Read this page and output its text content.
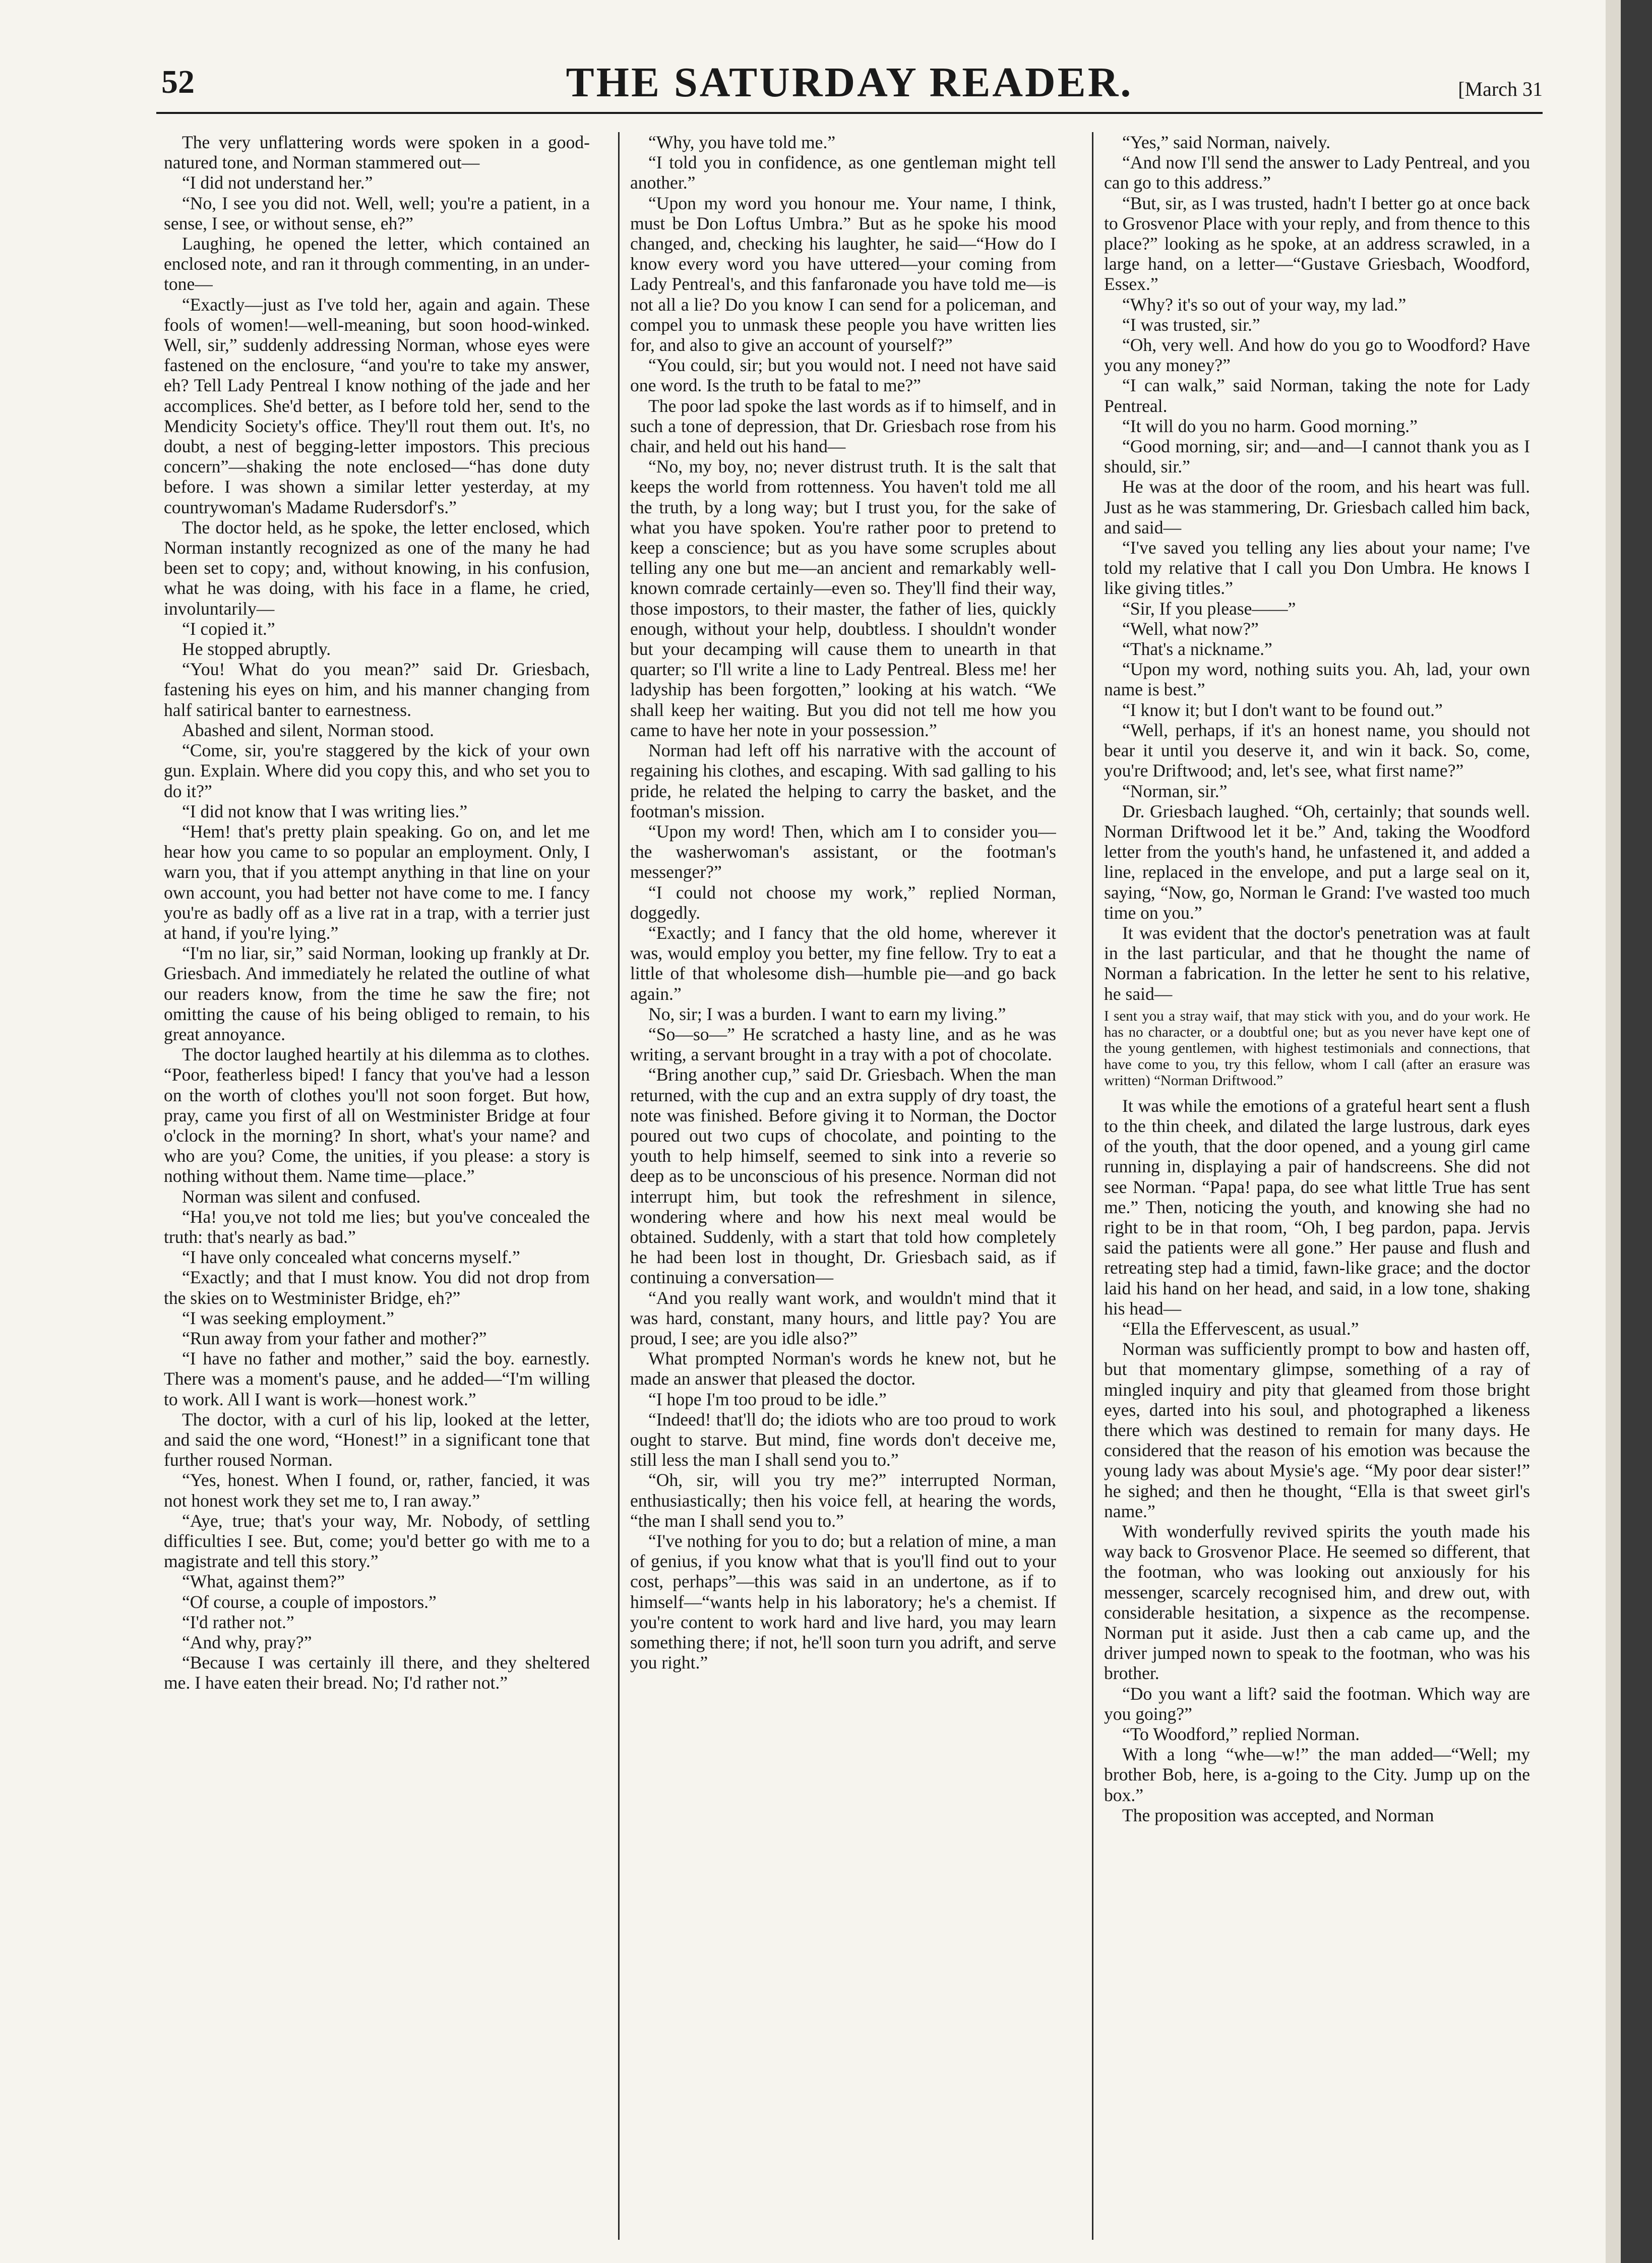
52	THE SATURDAY READER.	[March 31

The very unflattering words were spoken in a good-natured tone, and Norman stammered out—

“I did not understand her.”

“No, I see you did not. Well, well; you're a patient, in a sense, I see, or without sense, eh?”

Laughing, he opened the letter, which contained an enclosed note, and ran it through commenting, in an under-tone—

“Exactly—just as I've told her, again and again. These fools of women!—well-meaning, but soon hood-winked. Well, sir,” suddenly addressing Norman, whose eyes were fastened on the enclosure, “and you're to take my answer, eh? Tell Lady Pentreal I know nothing of the jade and her accomplices. She'd better, as I before told her, send to the Mendicity Society's office. They'll rout them out. It's, no doubt, a nest of begging-letter impostors. This precious concern”—shaking the note enclosed—“has done duty before. I was shown a similar letter yesterday, at my countrywoman's Madame Rudersdorf's.”

The doctor held, as he spoke, the letter enclosed, which Norman instantly recognized as one of the many he had been set to copy; and, without knowing, in his confusion, what he was doing, with his face in a flame, he cried, involuntarily—

“I copied it.”

He stopped abruptly.

“You! What do you mean?” said Dr. Griesbach, fastening his eyes on him, and his manner changing from half satirical banter to earnestness.

Abashed and silent, Norman stood.

“Come, sir, you're staggered by the kick of your own gun. Explain. Where did you copy this, and who set you to do it?”

“I did not know that I was writing lies.”

“Hem! that's pretty plain speaking. Go on, and let me hear how you came to so popular an employment. Only, I warn you, that if you attempt anything in that line on your own account, you had better not have come to me. I fancy you're as badly off as a live rat in a trap, with a terrier just at hand, if you're lying.”

“I'm no liar, sir,” said Norman, looking up frankly at Dr. Griesbach. And immediately he related the outline of what our readers know, from the time he saw the fire; not omitting the cause of his being obliged to remain, to his great annoyance.

The doctor laughed heartily at his dilemma as to clothes. “Poor, featherless biped! I fancy that you've had a lesson on the worth of clothes you'll not soon forget. But how, pray, came you first of all on Westminister Bridge at four o'clock in the morning? In short, what's your name? and who are you? Come, the unities, if you please: a story is nothing without them. Name time—place.”

Norman was silent and confused.

“Ha! you,ve not told me lies; but you've concealed the truth: that's nearly as bad.”

“I have only concealed what concerns myself.”

“Exactly; and that I must know. You did not drop from the skies on to Westminister Bridge, eh?”

“I was seeking employment.”

“Run away from your father and mother?”

“I have no father and mother,” said the boy. earnestly. There was a moment's pause, and he added—“I'm willing to work. All I want is work—honest work.”

The doctor, with a curl of his lip, looked at the letter, and said the one word, “Honest!” in a significant tone that further roused Norman.

“Yes, honest. When I found, or, rather, fancied, it was not honest work they set me to, I ran away.”

“Aye, true; that's your way, Mr. Nobody, of settling difficulties I see. But, come; you'd better go with me to a magistrate and tell this story.”

“What, against them?”

“Of course, a couple of impostors.”

“I'd rather not.”

“And why, pray?”

“Because I was certainly ill there, and they sheltered me. I have eaten their bread. No; I'd rather not.”

“Why, you have told me.”

“I told you in confidence, as one gentleman might tell another.”

“Upon my word you honour me. Your name, I think, must be Don Loftus Umbra.” But as he spoke his mood changed, and, checking his laughter, he said—“How do I know every word you have uttered—your coming from Lady Pentreal's, and this fanfaronade you have told me—is not all a lie? Do you know I can send for a policeman, and compel you to unmask these people you have written lies for, and also to give an account of yourself?”

“You could, sir; but you would not. I need not have said one word. Is the truth to be fatal to me?”

The poor lad spoke the last words as if to himself, and in such a tone of depression, that Dr. Griesbach rose from his chair, and held out his hand—

“No, my boy, no; never distrust truth. It is the salt that keeps the world from rottenness. You haven't told me all the truth, by a long way; but I trust you, for the sake of what you have spoken. You're rather poor to pretend to keep a conscience; but as you have some scruples about telling any one but me—an ancient and remarkably well-known comrade certainly—even so. They'll find their way, those impostors, to their master, the father of lies, quickly enough, without your help, doubtless. I shouldn't wonder but your decamping will cause them to unearth in that quarter; so I'll write a line to Lady Pentreal. Bless me! her ladyship has been forgotten,” looking at his watch. “We shall keep her waiting. But you did not tell me how you came to have her note in your possession.”

Norman had left off his narrative with the account of regaining his clothes, and escaping. With sad galling to his pride, he related the helping to carry the basket, and the footman's mission.

“Upon my word! Then, which am I to consider you—the washerwoman's assistant, or the footman's messenger?”

“I could not choose my work,” replied Norman, doggedly.

“Exactly; and I fancy that the old home, wherever it was, would employ you better, my fine fellow. Try to eat a little of that wholesome dish—humble pie—and go back again.”

No, sir; I was a burden. I want to earn my living.”

“So—so—” He scratched a hasty line, and as he was writing, a servant brought in a tray with a pot of chocolate.

“Bring another cup,” said Dr. Griesbach. When the man returned, with the cup and an extra supply of dry toast, the note was finished. Before giving it to Norman, the Doctor poured out two cups of chocolate, and pointing to the youth to help himself, seemed to sink into a reverie so deep as to be unconscious of his presence. Norman did not interrupt him, but took the refreshment in silence, wondering where and how his next meal would be obtained. Suddenly, with a start that told how completely he had been lost in thought, Dr. Griesbach said, as if continuing a conversation—

“And you really want work, and wouldn't mind that it was hard, constant, many hours, and little pay? You are proud, I see; are you idle also?”

What prompted Norman's words he knew not, but he made an answer that pleased the doctor.

“I hope I'm too proud to be idle.”

“Indeed! that'll do; the idiots who are too proud to work ought to starve. But mind, fine words don't deceive me, still less the man I shall send you to.”

“Oh, sir, will you try me?” interrupted Norman, enthusiastically; then his voice fell, at hearing the words, “the man I shall send you to.”

“I've nothing for you to do; but a relation of mine, a man of genius, if you know what that is you'll find out to your cost, perhaps”—this was said in an undertone, as if to himself—“wants help in his laboratory; he's a chemist. If you're content to work hard and live hard, you may learn something there; if not, he'll soon turn you adrift, and serve you right.”

“Yes,” said Norman, naively.

“And now I'll send the answer to Lady Pentreal, and you can go to this address.”

“But, sir, as I was trusted, hadn't I better go at once back to Grosvenor Place with your reply, and from thence to this place?” looking as he spoke, at an address scrawled, in a large hand, on a letter—“Gustave Griesbach, Woodford, Essex.”

“Why? it's so out of your way, my lad.”

“I was trusted, sir.”

“Oh, very well. And how do you go to Woodford? Have you any money?”

“I can walk,” said Norman, taking the note for Lady Pentreal.

“It will do you no harm. Good morning.”

“Good morning, sir; and—and—I cannot thank you as I should, sir.”

He was at the door of the room, and his heart was full. Just as he was stammering, Dr. Griesbach called him back, and said—

“I've saved you telling any lies about your name; I've told my relative that I call you Don Umbra. He knows I like giving titles.”

“Sir, If you please——”

“Well, what now?”

“That's a nickname.”

“Upon my word, nothing suits you. Ah, lad, your own name is best.”

“I know it; but I don't want to be found out.”

“Well, perhaps, if it's an honest name, you should not bear it until you deserve it, and win it back. So, come, you're Driftwood; and, let's see, what first name?”

“Norman, sir.”

Dr. Griesbach laughed. “Oh, certainly; that sounds well. Norman Driftwood let it be.” And, taking the Woodford letter from the youth's hand, he unfastened it, and added a line, replaced in the envelope, and put a large seal on it, saying, “Now, go, Norman le Grand: I've wasted too much time on you.”

It was evident that the doctor's penetration was at fault in the last particular, and that he thought the name of Norman a fabrication. In the letter he sent to his relative, he said—

I sent you a stray waif, that may stick with you, and do your work. He has no character, or a doubtful one; but as you never have kept one of the young gentlemen, with highest testimonials and connections, that have come to you, try this fellow, whom I call (after an erasure was written) “Norman Driftwood.”

It was while the emotions of a grateful heart sent a flush to the thin cheek, and dilated the large lustrous, dark eyes of the youth, that the door opened, and a young girl came running in, displaying a pair of handscreens. She did not see Norman. “Papa! papa, do see what little True has sent me.” Then, noticing the youth, and knowing she had no right to be in that room, “Oh, I beg pardon, papa. Jervis said the patients were all gone.” Her pause and flush and retreating step had a timid, fawn-like grace; and the doctor laid his hand on her head, and said, in a low tone, shaking his head—

“Ella the Effervescent, as usual.”

Norman was sufficiently prompt to bow and hasten off, but that momentary glimpse, something of a ray of mingled inquiry and pity that gleamed from those bright eyes, darted into his soul, and photographed a likeness there which was destined to remain for many days. He considered that the reason of his emotion was because the young lady was about Mysie's age. “My poor dear sister!” he sighed; and then he thought, “Ella is that sweet girl's name.”

With wonderfully revived spirits the youth made his way back to Grosvenor Place. He seemed so different, that the footman, who was looking out anxiously for his messenger, scarcely recognised him, and drew out, with considerable hesitation, a sixpence as the recompense. Norman put it aside. Just then a cab came up, and the driver jumped nown to speak to the footman, who was his brother.

“Do you want a lift? said the footman. Which way are you going?”

“To Woodford,” replied Norman.

With a long “whe—w!” the man added—“Well; my brother Bob, here, is a-going to the City. Jump up on the box.”

The proposition was accepted, and Norman
